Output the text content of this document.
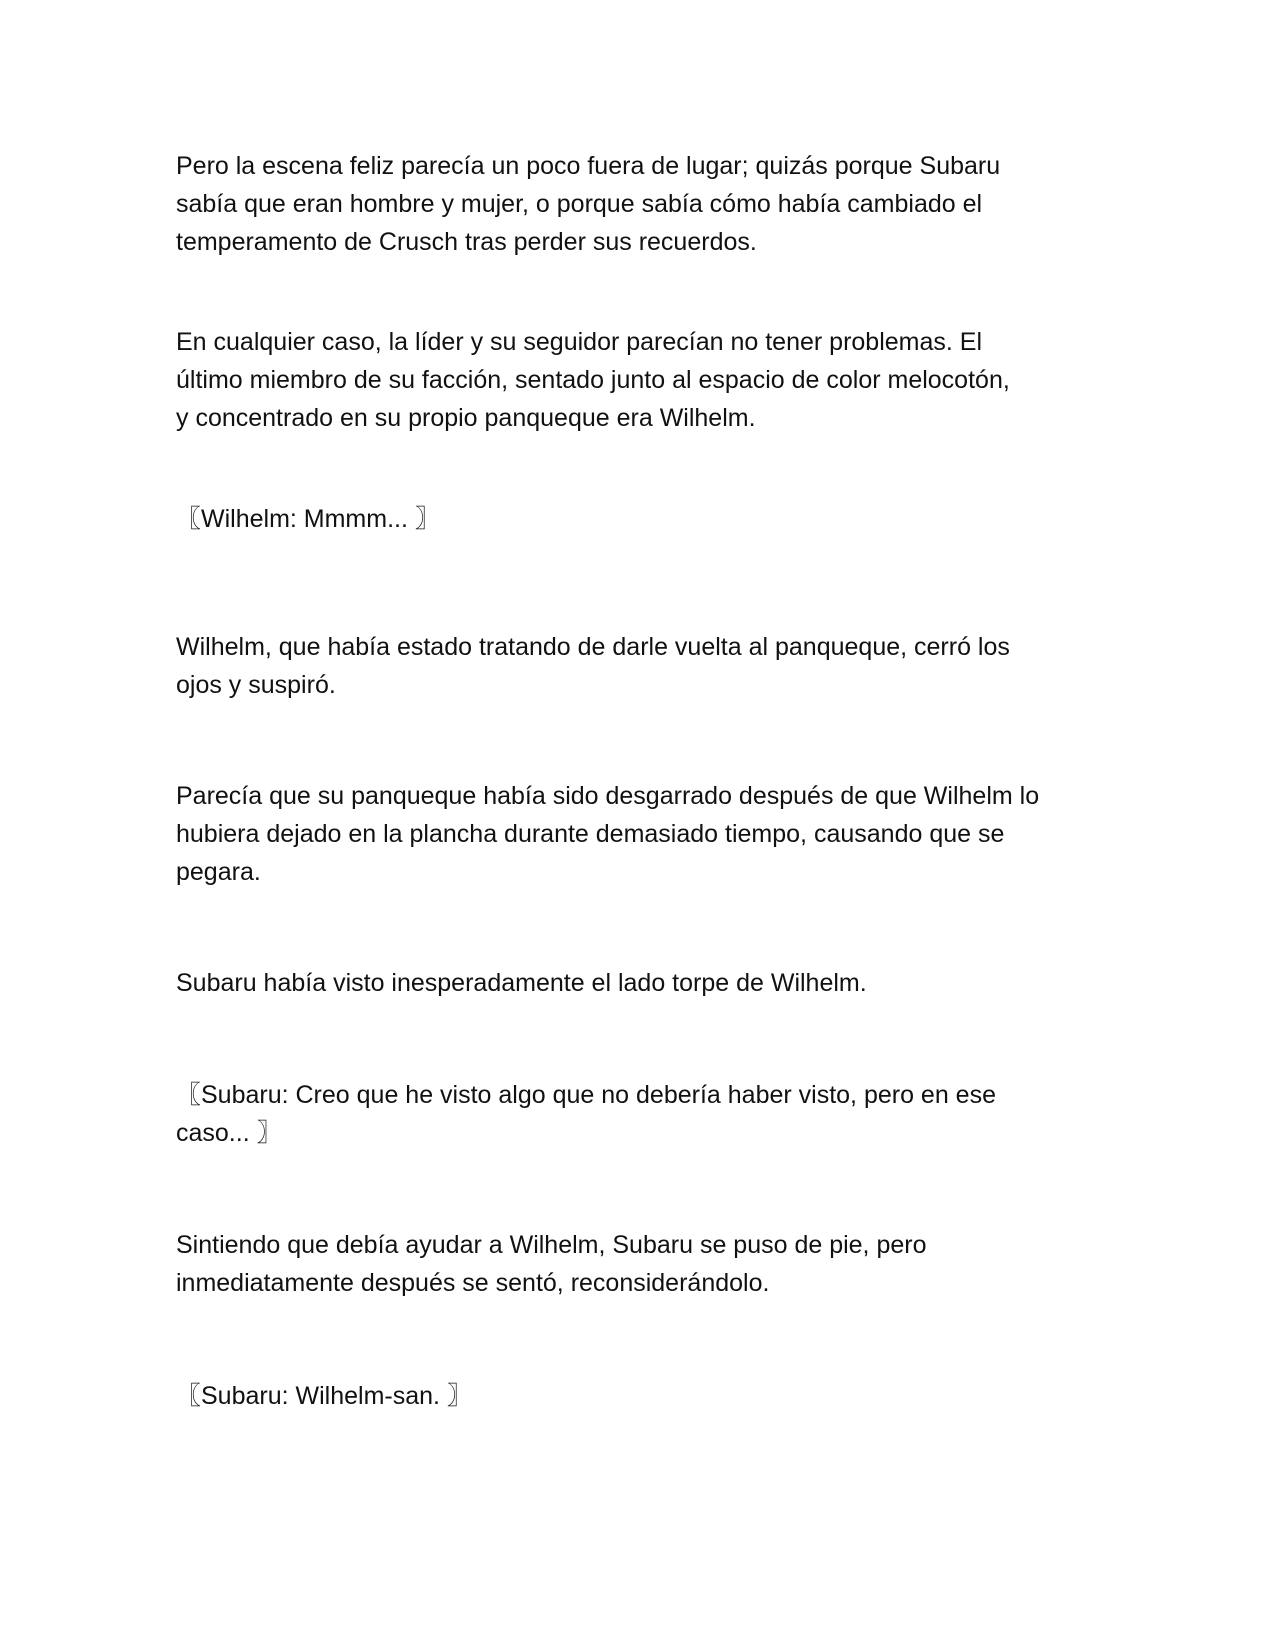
Pero la escena feliz parecía un poco fuera de lugar; quizás porque Subaru
sabía que eran hombre y mujer, o porque sabía cómo había cambiado el
temperamento de Crusch tras perder sus recuerdos.

En cualquier caso, la líder y su seguidor parecían no tener problemas. El
último miembro de su facción, sentado junto al espacio de color melocotón,
y concentrado en su propio panqueque era Wilhelm.

〖Wilhelm: Mmmm... 〗

Wilhelm, que había estado tratando de darle vuelta al panqueque, cerró los
ojos y suspiró.

Parecía que su panqueque había sido desgarrado después de que Wilhelm lo
hubiera dejado en la plancha durante demasiado tiempo, causando que se
pegara.

Subaru había visto inesperadamente el lado torpe de Wilhelm.

〖Subaru: Creo que he visto algo que no debería haber visto, pero en ese
caso... 〗

Sintiendo que debía ayudar a Wilhelm, Subaru se puso de pie, pero
inmediatamente después se sentó, reconsiderándolo.

〖Subaru: Wilhelm-san. 〗
